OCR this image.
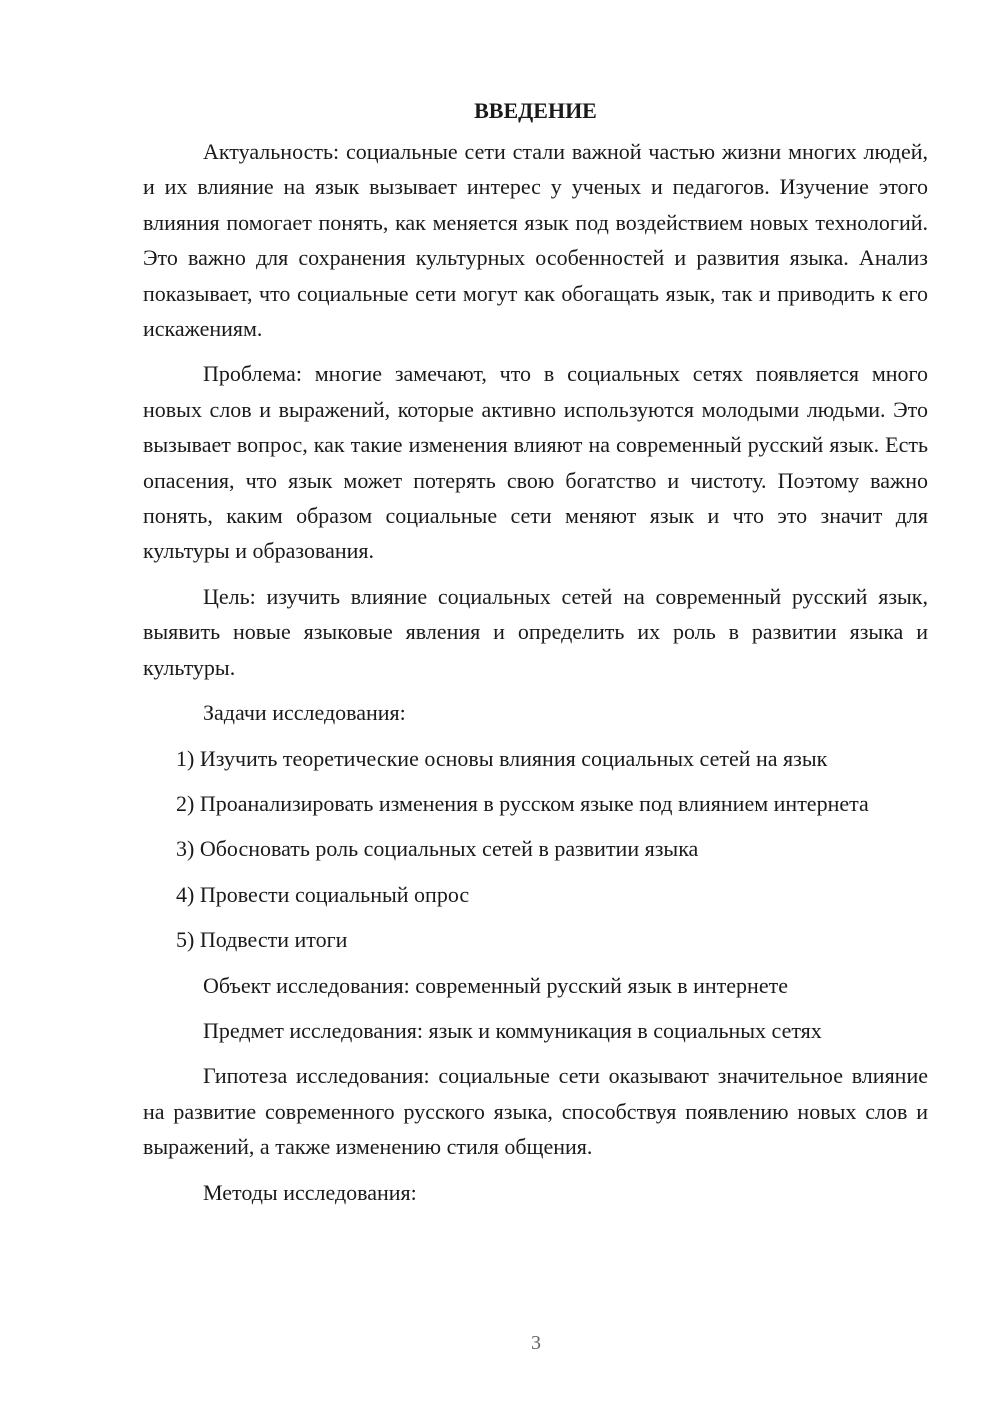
ВВЕДЕНИЕ

Актуальность: социальные сети стали важной частью жизни многих людей, и их влияние на язык вызывает интерес у ученых и педагогов. Изучение этого влияния помогает понять, как меняется язык под воздействием новых технологий. Это важно для сохранения культурных особенностей и развития языка. Анализ показывает, что социальные сети могут как обогащать язык, так и приводить к его искажениям.

Проблема: многие замечают, что в социальных сетях появляется много новых слов и выражений, которые активно используются молодыми людьми. Это вызывает вопрос, как такие изменения влияют на современный русский язык. Есть опасения, что язык может потерять свою богатство и чистоту. Поэтому важно понять, каким образом социальные сети меняют язык и что это значит для культуры и образования.

Цель: изучить влияние социальных сетей на современный русский язык, выявить новые языковые явления и определить их роль в развитии языка и культуры.

Задачи исследования:

1) Изучить теоретические основы влияния социальных сетей на язык

2) Проанализировать изменения в русском языке под влиянием интернета

3) Обосновать роль социальных сетей в развитии языка

4) Провести социальный опрос

5) Подвести итоги

Объект исследования: современный русский язык в интернете

Предмет исследования: язык и коммуникация в социальных сетях

Гипотеза исследования: социальные сети оказывают значительное влияние на развитие современного русского языка, способствуя появлению новых слов и выражений, а также изменению стиля общения.

Методы исследования:

3
